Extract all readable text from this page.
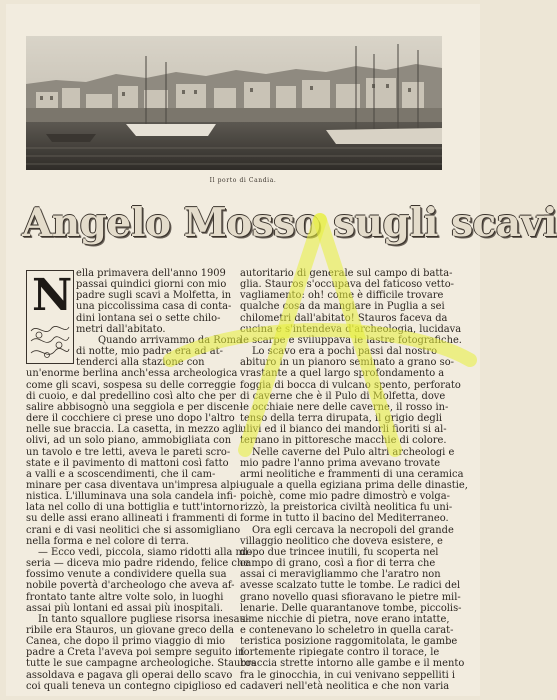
Il porto di Candia.
Angelo Mosso sugli scavi
N ella primavera dell'anno 1909
passai quindici giorni con mio
padre sugli scavi a Molfetta, in
una piccolissima casa di conta-
dini lontana sei o sette chilo-
metri dall'abitato.
Quando arrivammo da Roma
di notte, mio padre era ad at-
tenderci alla stazione con
un'enorme berlina anch'essa archeologica
come gli scavi, sospesa su delle correggie
di cuoio, e dal predellino così alto che per
salire abbisognò una seggiola e per discen-
dere il cocchiere ci prese uno dopo l'altro
nelle sue braccia. La casetta, in mezzo agli
olivi, ad un solo piano, ammobigliata con
un tavolo e tre letti, aveva le pareti scro-
state e il pavimento di mattoni così fatto
a valli e a scoscendimenti, che il cam-
minare per casa diventava un'impresa alpi-
nistica. L'illuminava una sola candela infi-
lata nel collo di una bottiglia e tutt'intorno
su delle assi erano allineati i frammenti di
crani e di vasi neolitici che si assomigliano
nella forma e nel colore di terra.
— Ecco vedi, piccola, siamo ridotti alla mi-
seria — diceva mio padre ridendo, felice che
fossimo venute a condividere quella sua
nobile povertà d'archeologo che aveva af-
frontato tante altre volte solo, in luoghi
assai più lontani ed assai più inospitali.
In tanto squallore pugliese risorsa inesau-
ribile era Stauros, un giovane greco della
Canea, che dopo il primo viaggio di mio
padre a Creta l'aveva poi sempre seguito in
tutte le sue campagne archeologiche. Stauros
assoldava e pagava gli operai dello scavo
coi quali teneva un contegno cipiglioso ed
autoritario di generale sul campo di batta-
glia. Stauros s'occupava del faticoso vetto-
vagliamento: oh! come è difficile trovare
qualche cosa da mangiare in Puglia a sei
chilometri dall'abitato! Stauros faceva da
cucina e s'intendeva d'archeologia, lucidava
le scarpe e sviluppava le lastre fotografiche.
Lo scavo era a pochi passi dal nostro
abituro in un pianoro seminato a grano so-
vrastante a quel largo sprofondamento a
foggia di bocca di vulcano spento, perforato
di caverne che è il Pulo di Molfetta, dove
le occhiaie nere delle caverne, il rosso in-
tenso della terra dirupata, il grigio degli
ulivi ed il bianco dei mandorli fioriti si al-
ternano in pittoresche macchie di colore.
Nelle caverne del Pulo altri archeologi e
mio padre l'anno prima avevano trovate
armi neolitiche e frammenti di una ceramica
uguale a quella egiziana prima delle dinastie,
poichè, come mio padre dimostrò e volga-
rizzò, la preistorica civiltà neolitica fu uni-
forme in tutto il bacino del Mediterraneo.
Ora egli cercava la necropoli del grande
villaggio neolitico che doveva esistere, e
dopo due trincee inutili, fu scoperta nel
campo di grano, così a fior di terra che
assai ci meravigliammo che l'aratro non
avesse scalzato tutte le tombe. Le radici del
grano novello quasi sfioravano le pietre mil-
lenarie. Delle quarantanove tombe, piccolis-
sime nicchie di pietra, nove erano intatte,
e contenevano lo scheletro in quella carat-
teristica posizione raggomitolata, le gambe
fortemente ripiegate contro il torace, le
braccia strette intorno alle gambe e il mento
fra le ginocchia, in cui venivano seppelliti i
cadaveri nell'età neolitica e che non varia
